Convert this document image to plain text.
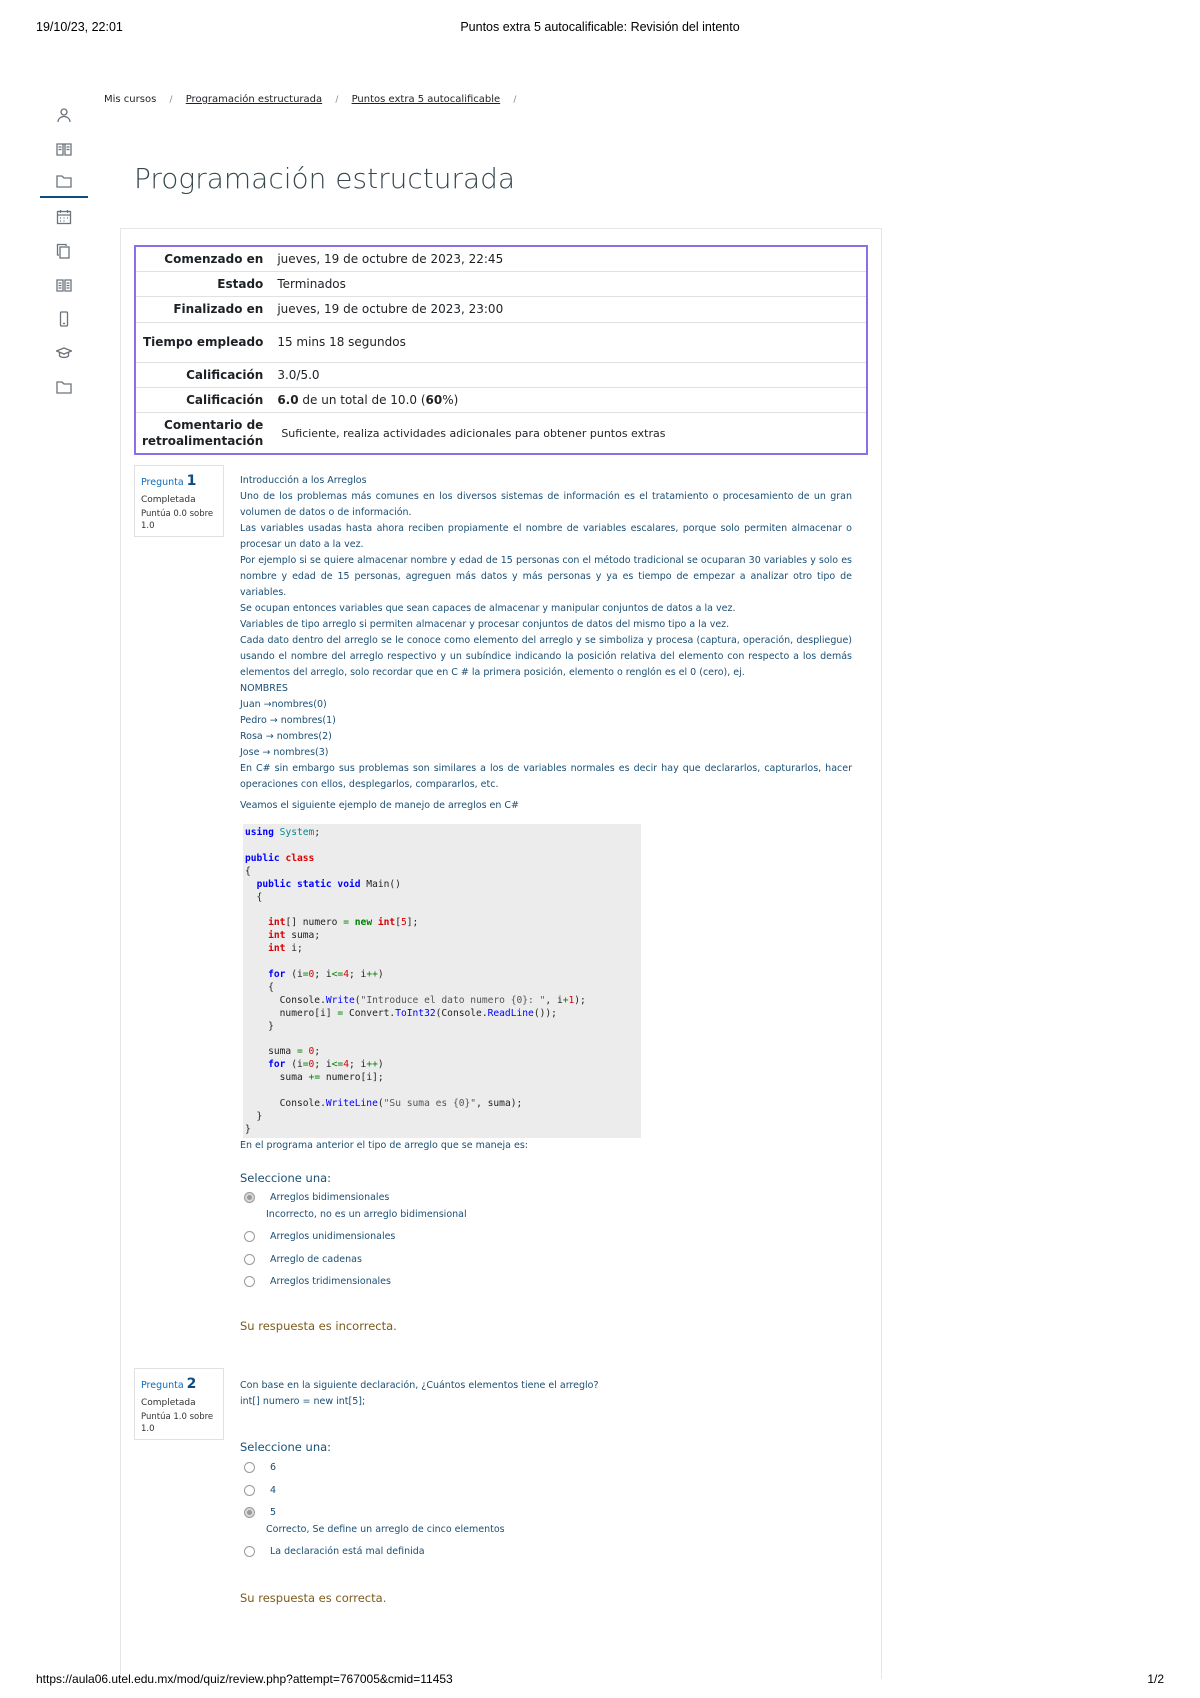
19/10/23, 22:01	Puntos extra 5 autocalificable: Revisión del intento
Mis cursos / Programación estructurada / Puntos extra 5 autocalificable /
Programación estructurada
Comenzado en	jueves, 19 de octubre de 2023, 22:45
Estado	Terminados
Finalizado en	jueves, 19 de octubre de 2023, 23:00
Tiempo empleado	15 mins 18 segundos
Calificación	3.0/5.0
Calificación	6.0 de un total de 10.0 (60%)
Comentario de retroalimentación	Suficiente, realiza actividades adicionales para obtener puntos extras
Pregunta 1
Completada
Puntúa 0.0 sobre 1.0

Introducción a los Arreglos

Uno de los problemas más comunes en los diversos sistemas de información es el tratamiento o procesamiento de un gran volumen de datos o de información.

Las variables usadas hasta ahora reciben propiamente el nombre de variables escalares, porque solo permiten almacenar o procesar un dato a la vez.

Por ejemplo si se quiere almacenar nombre y edad de 15 personas con el método tradicional se ocuparan 30 variables y solo es nombre y edad de 15 personas, agreguen más datos y más personas y ya es tiempo de empezar a analizar otro tipo de variables.

Se ocupan entonces variables que sean capaces de almacenar y manipular conjuntos de datos a la vez.

Variables de tipo arreglo si permiten almacenar y procesar conjuntos de datos del mismo tipo a la vez.

Cada dato dentro del arreglo se le conoce como elemento del arreglo y se simboliza y procesa (captura, operación, despliegue) usando el nombre del arreglo respectivo y un subíndice indicando la posición relativa del elemento con respecto a los demás elementos del arreglo, solo recordar que en C # la primera posición, elemento o renglón es el 0 (cero), ej.

NOMBRES

Juan →nombres(0)

Pedro → nombres(1)

Rosa → nombres(2)

Jose → nombres(3)

En C# sin embargo sus problemas son similares a los de variables normales es decir hay que declararlos, capturarlos, hacer operaciones con ellos, desplegarlos, compararlos, etc.

Veamos el siguiente ejemplo de manejo de arreglos en C#

using System;

public class
{
public static void Main()
{

int[] numero = new int[5];
int suma;
int i;

for (i=0; i<=4; i++)
{
Console.Write("Introduce el dato numero {0}: ", i+1);
numero[i] = Convert.ToInt32(Console.ReadLine());
}

suma = 0;
for (i=0; i<=4; i++)
suma += numero[i];

Console.WriteLine("Su suma es {0}", suma);
}
}
En el programa anterior el tipo de arreglo que se maneja es:
Seleccione una:
Arreglos bidimensionales
Incorrecto, no es un arreglo bidimensional
Arreglos unidimensionales
Arreglo de cadenas
Arreglos tridimensionales
Su respuesta es incorrecta.
Pregunta 2
Completada
Puntúa 1.0 sobre 1.0

Con base en la siguiente declaración, ¿Cuántos elementos tiene el arreglo?

int[] numero = new int[5];

Seleccione una:
6
4
5
Correcto, Se define un arreglo de cinco elementos
La declaración está mal definida
Su respuesta es correcta.
https://aula06.utel.edu.mx/mod/quiz/review.php?attempt=767005&cmid=11453	1/2
